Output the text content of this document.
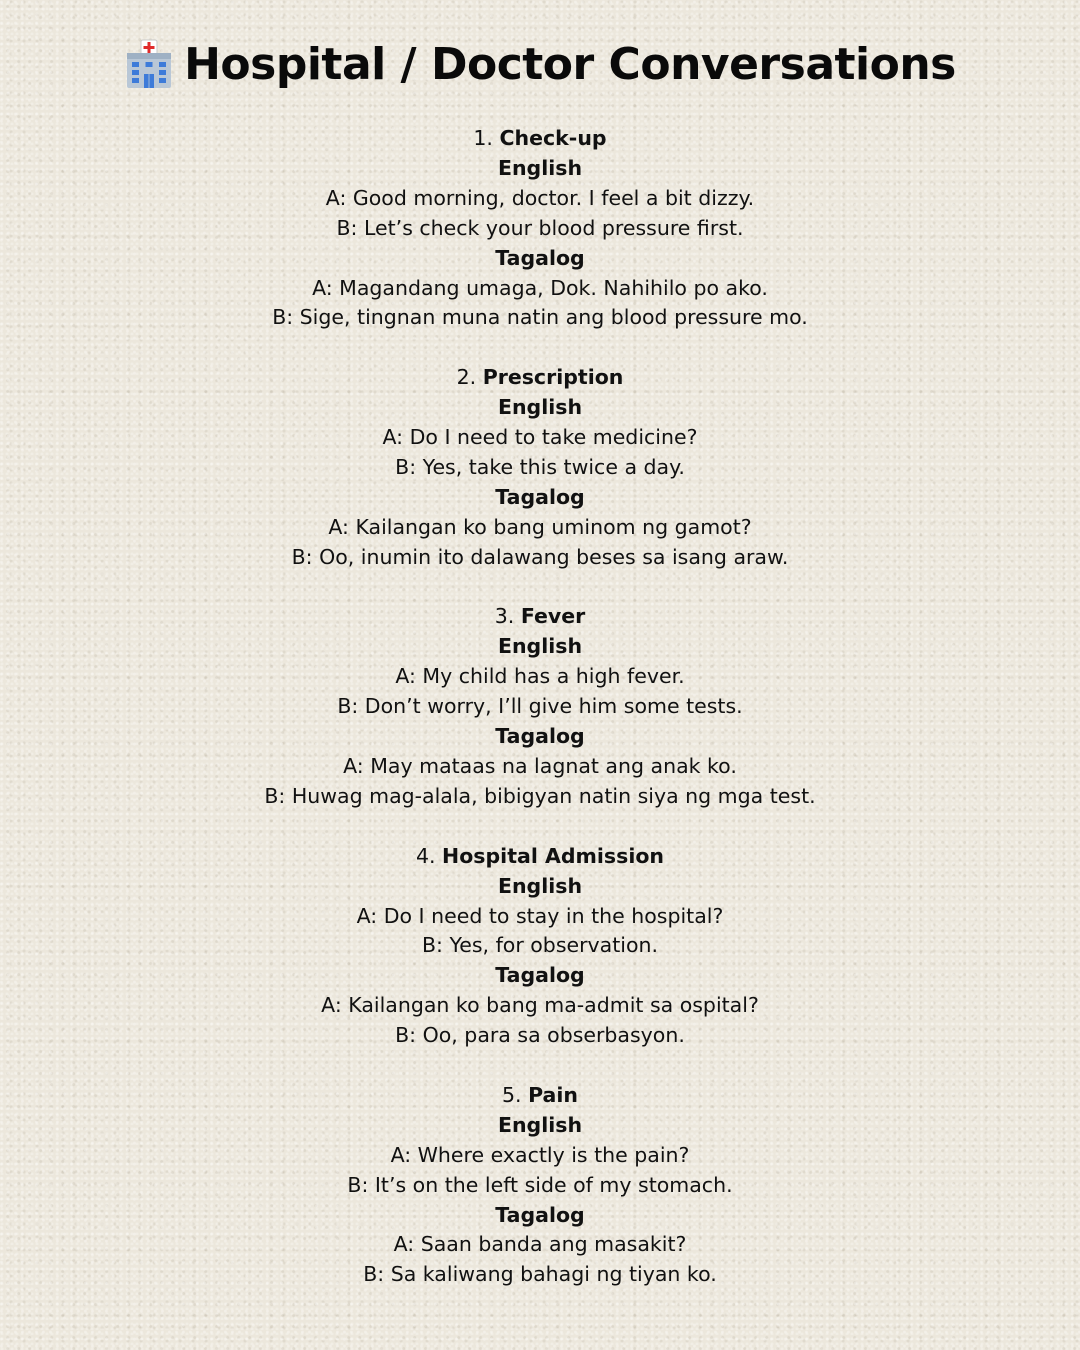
Hospital / Doctor Conversations
1. Check-up
English
A: Good morning, doctor. I feel a bit dizzy.
B: Let’s check your blood pressure first.
Tagalog
A: Magandang umaga, Dok. Nahihilo po ako.
B: Sige, tingnan muna natin ang blood pressure mo.
2. Prescription
English
A: Do I need to take medicine?
B: Yes, take this twice a day.
Tagalog
A: Kailangan ko bang uminom ng gamot?
B: Oo, inumin ito dalawang beses sa isang araw.
3. Fever
English
A: My child has a high fever.
B: Don’t worry, I’ll give him some tests.
Tagalog
A: May mataas na lagnat ang anak ko.
B: Huwag mag-alala, bibigyan natin siya ng mga test.
4. Hospital Admission
English
A: Do I need to stay in the hospital?
B: Yes, for observation.
Tagalog
A: Kailangan ko bang ma-admit sa ospital?
B: Oo, para sa obserbasyon.
5. Pain
English
A: Where exactly is the pain?
B: It’s on the left side of my stomach.
Tagalog
A: Saan banda ang masakit?
B: Sa kaliwang bahagi ng tiyan ko.
